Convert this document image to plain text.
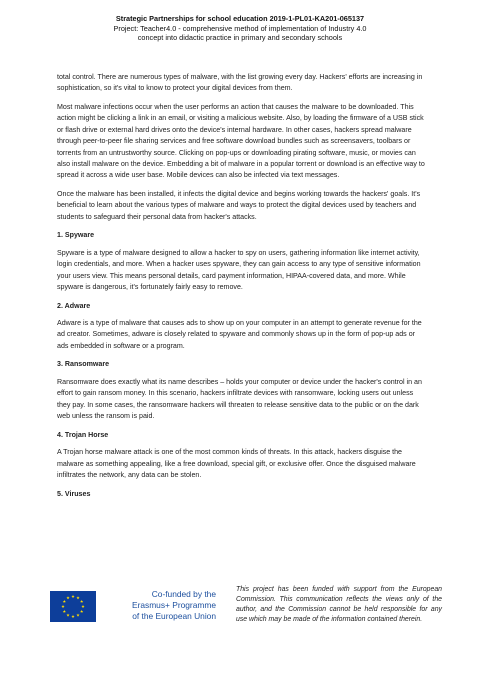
Strategic Partnerships for school education 2019-1-PL01-KA201-065137
Project: Teacher4.0 - comprehensive method of implementation of Industry 4.0
concept into didactic practice in primary and secondary schools

total control. There are numerous types of malware, with the list growing every day. Hackers' efforts are increasing in sophistication, so it's vital to know to protect your digital devices from them.

Most malware infections occur when the user performs an action that causes the malware to be downloaded. This action might be clicking a link in an email, or visiting a malicious website. Also, by loading the firmware of a USB stick or flash drive or external hard drives onto the device's internal hardware. In other cases, hackers spread malware through peer-to-peer file sharing services and free software download bundles such as screensavers, toolbars or torrents from an untrustworthy source. Clicking on pop-ups or downloading pirating software, music, or movies can also install malware on the device. Embedding a bit of malware in a popular torrent or download is an effective way to spread it across a wide user base. Mobile devices can also be infected via text messages.

Once the malware has been installed, it infects the digital device and begins working towards the hackers' goals. It's beneficial to learn about the various types of malware and ways to protect the digital devices used by teachers and students to safeguard their personal data from hacker's attacks.

1. Spyware

Spyware is a type of malware designed to allow a hacker to spy on users, gathering information like internet activity, login credentials, and more. When a hacker uses spyware, they can gain access to any type of sensitive information your users view. This means personal details, card payment information, HIPAA-covered data, and more. While spyware is dangerous, it's fortunately fairly easy to remove.

2. Adware

Adware is a type of malware that causes ads to show up on your computer in an attempt to generate revenue for the ad creator. Sometimes, adware is closely related to spyware and commonly shows up in the form of pop-up ads or ads embedded in software or a program.

3. Ransomware

Ransomware does exactly what its name describes – holds your computer or device under the hacker's control in an effort to gain ransom money. In this scenario, hackers infiltrate devices with ransomware, locking users out unless they pay. In some cases, the ransomware hackers will threaten to release sensitive data to the public or on the dark web unless the ransom is paid.

4. Trojan Horse

A Trojan horse malware attack is one of the most common kinds of threats. In this attack, hackers disguise the malware as something appealing, like a free download, special gift, or exclusive offer. Once the disguised malware infiltrates the network, any data can be stolen.

5. Viruses
Co-funded by the
Erasmus+ Programme
of the European Union
This project has been funded with support from the European Commission. This communication reflects the views only of the author, and the Commission cannot be held responsible for any use which may be made of the information contained therein.
